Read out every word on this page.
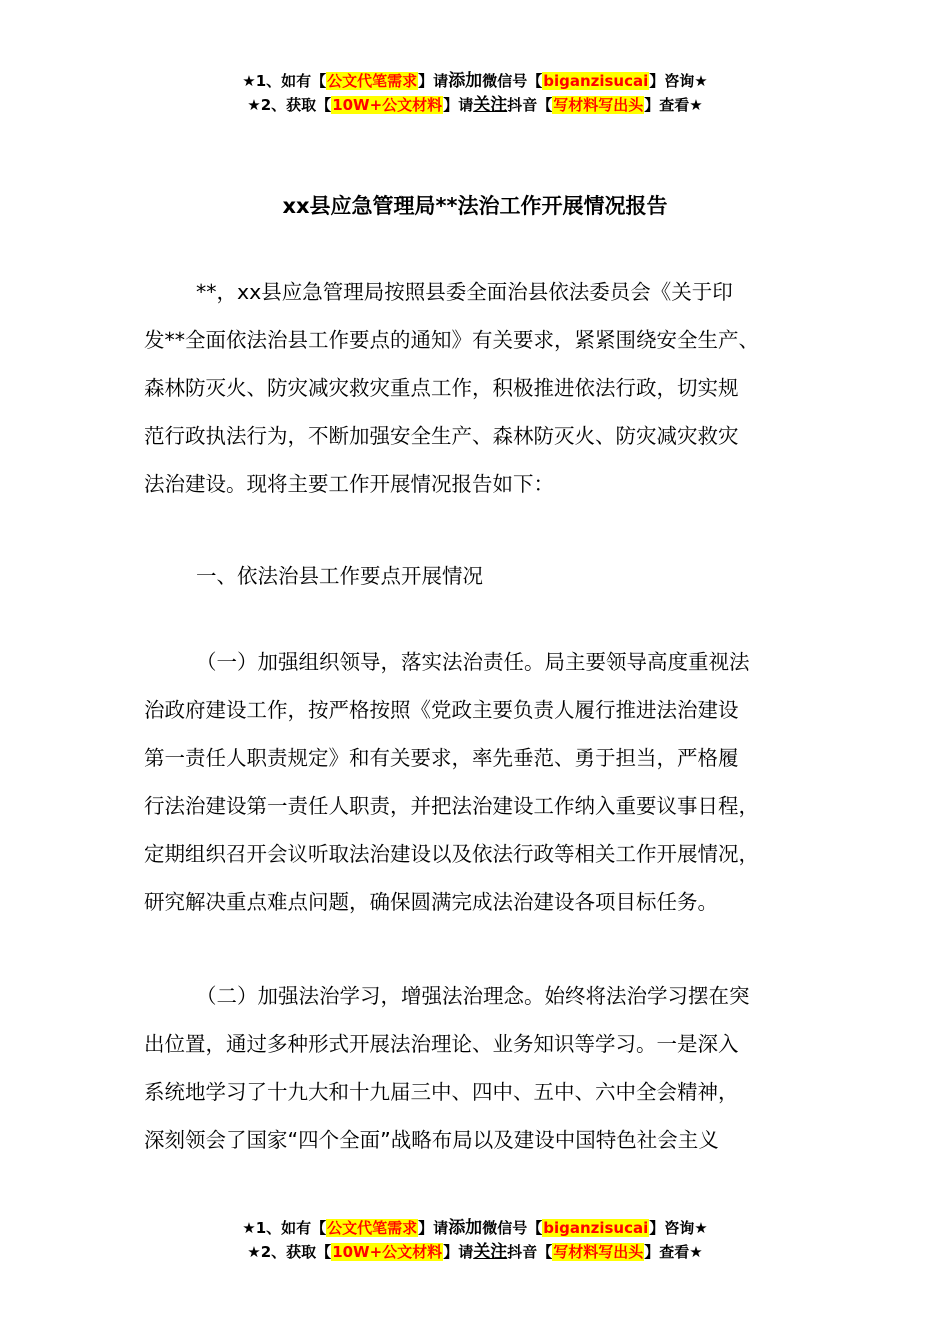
★1、如有【公文代笔需求】请添加微信号【biganzisucai】咨询★
★2、获取【10W+公文材料】请关注抖音【写材料写出头】查看★
xx县应急管理局**法治工作开展情况报告
**，xx县应急管理局按照县委全面治县依法委员会《关于印
发**全面依法治县工作要点的通知》有关要求，紧紧围绕安全生产、
森林防灭火、防灾减灾救灾重点工作，积极推进依法行政，切实规
范行政执法行为，不断加强安全生产、森林防灭火、防灾减灾救灾
法治建设。现将主要工作开展情况报告如下：
一、依法治县工作要点开展情况
（一）加强组织领导，落实法治责任。局主要领导高度重视法
治政府建设工作，按严格按照《党政主要负责人履行推进法治建设
第一责任人职责规定》和有关要求，率先垂范、勇于担当，严格履
行法治建设第一责任人职责，并把法治建设工作纳入重要议事日程，
定期组织召开会议听取法治建设以及依法行政等相关工作开展情况，
研究解决重点难点问题，确保圆满完成法治建设各项目标任务。
（二）加强法治学习，增强法治理念。始终将法治学习摆在突
出位置，通过多种形式开展法治理论、业务知识等学习。一是深入
系统地学习了十九大和十九届三中、四中、五中、六中全会精神，
深刻领会了国家“四个全面”战略布局以及建设中国特色社会主义
★1、如有【公文代笔需求】请添加微信号【biganzisucai】咨询★
★2、获取【10W+公文材料】请关注抖音【写材料写出头】查看★
